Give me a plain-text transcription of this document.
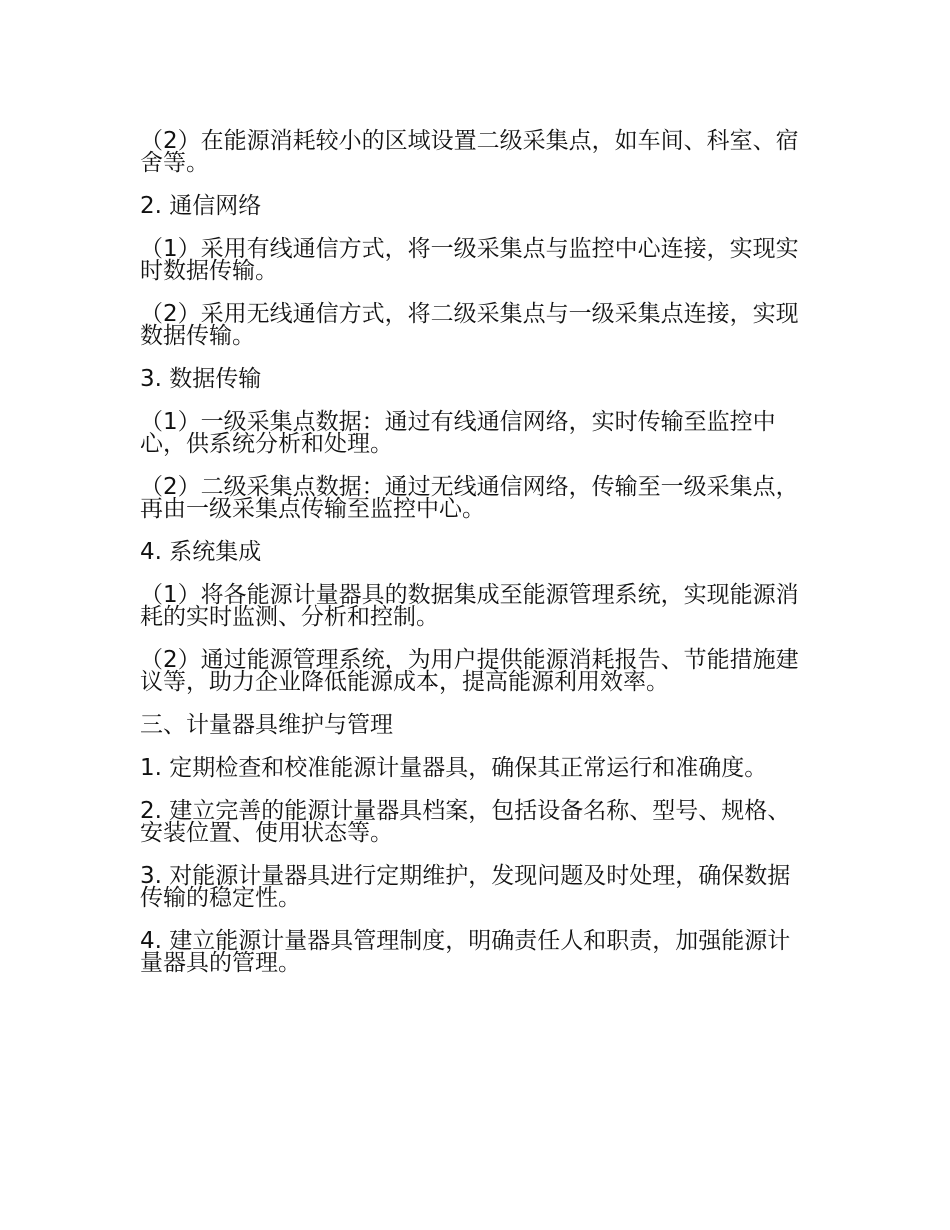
（2）在能源消耗较小的区域设置二级采集点，如车间、科室、宿舍等。

2. 通信网络

（1）采用有线通信方式，将一级采集点与监控中心连接，实现实时数据传输。

（2）采用无线通信方式，将二级采集点与一级采集点连接，实现数据传输。

3. 数据传输

（1）一级采集点数据：通过有线通信网络，实时传输至监控中心，供系统分析和处理。

（2）二级采集点数据：通过无线通信网络，传输至一级采集点，再由一级采集点传输至监控中心。

4. 系统集成

（1）将各能源计量器具的数据集成至能源管理系统，实现能源消耗的实时监测、分析和控制。

（2）通过能源管理系统，为用户提供能源消耗报告、节能措施建议等，助力企业降低能源成本，提高能源利用效率。

三、计量器具维护与管理

1. 定期检查和校准能源计量器具，确保其正常运行和准确度。

2. 建立完善的能源计量器具档案，包括设备名称、型号、规格、安装位置、使用状态等。

3. 对能源计量器具进行定期维护，发现问题及时处理，确保数据传输的稳定性。

4. 建立能源计量器具管理制度，明确责任人和职责，加强能源计量器具的管理。
